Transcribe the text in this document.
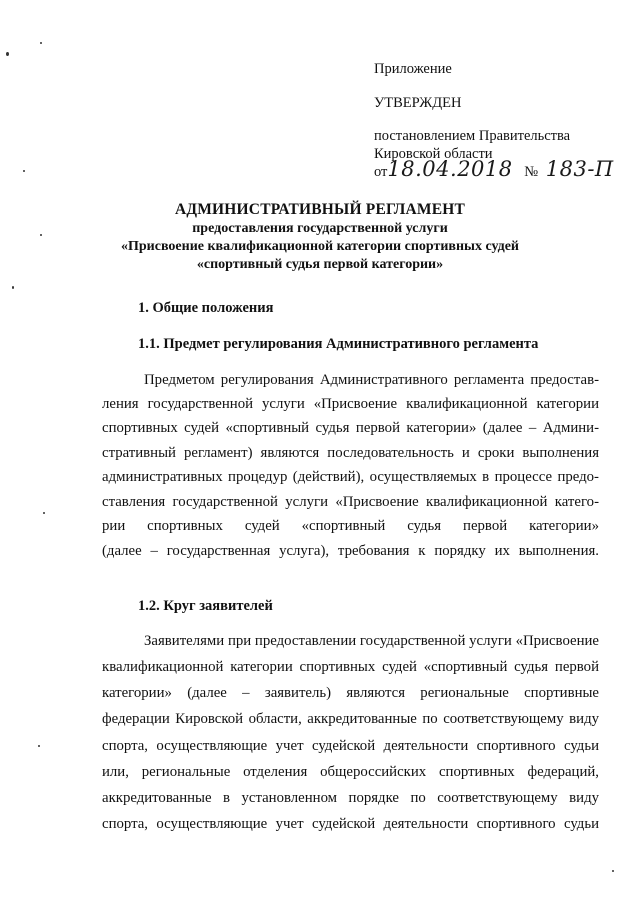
Приложение
УТВЕРЖДЕН
постановлением Правительства
Кировской области
от18.04.2018 № 183-П
АДМИНИСТРАТИВНЫЙ РЕГЛАМЕНТ
предоставления государственной услуги
«Присвоение квалификационной категории спортивных судей
«спортивный судья первой категории»
1. Общие положения
1.1. Предмет регулирования Административного регламента
Предметом регулирования Административного регламента предостав-
ления государственной услуги «Присвоение квалификационной категории
спортивных судей «спортивный судья первой категории» (далее – Админи-
стративный регламент) являются последовательность и сроки выполнения
административных процедур (действий), осуществляемых в процессе предо-
ставления государственной услуги «Присвоение квалификационной катего-
рии спортивных судей «спортивный судья первой категории»
(далее – государственная услуга), требования к порядку их выполнения.
1.2. Круг заявителей
Заявителями при предоставлении государственной услуги «Присвоение
квалификационной категории спортивных судей «спортивный судья первой
категории» (далее – заявитель) являются региональные спортивные
федерации Кировской области, аккредитованные по соответствующему виду
спорта, осуществляющие учет судейской деятельности спортивного судьи
или, региональные отделения общероссийских спортивных федераций,
аккредитованные в установленном порядке по соответствующему виду
спорта, осуществляющие учет судейской деятельности спортивного судьи
